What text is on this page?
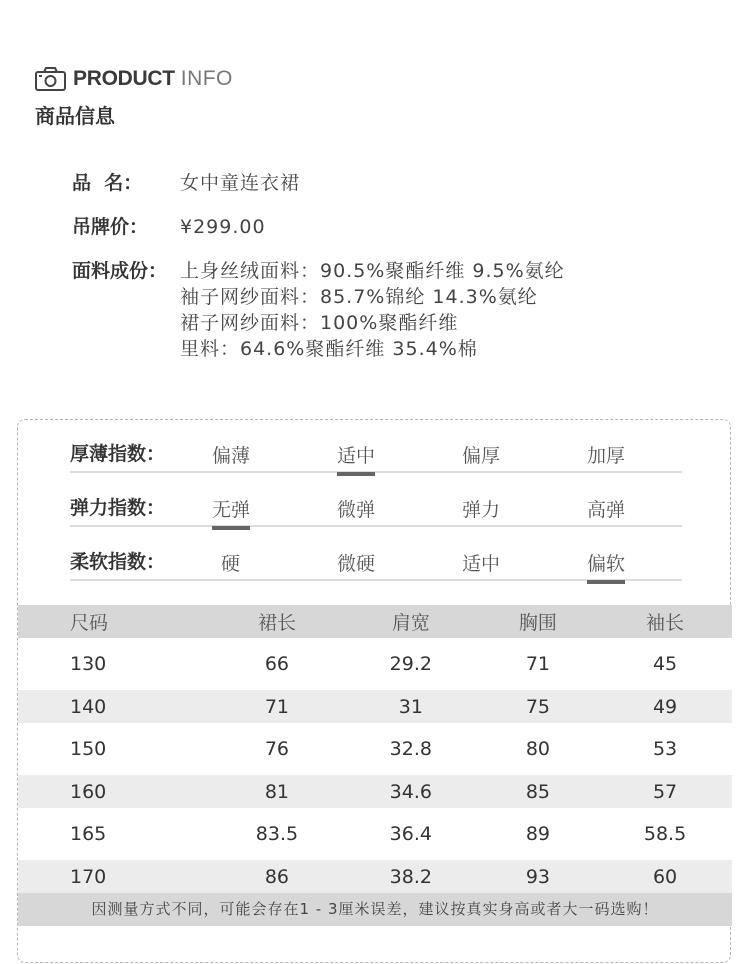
PRODUCT INFO
商品信息
品  名：	女中童连衣裙
吊牌价：	¥299.00
面料成份： 上身丝绒面料：90.5%聚酯纤维 9.5%氨纶
袖子网纱面料：85.7%锦纶 14.3%氨纶
裙子网纱面料：100%聚酯纤维
里料：64.6%聚酯纤维 35.4%棉
厚薄指数： 偏薄	适中	偏厚	加厚
弹力指数： 无弹	微弹	弹力	高弹
柔软指数：	硬	微硬	适中	偏软
尺码	裙长	肩宽	胸围	袖长
130	66	29.2	71	45
140	71	31	75	49
150	76	32.8	80	53
160	81	34.6	85	57
165	83.5	36.4	89	58.5
170	86	38.2	93	60
因测量方式不同，可能会存在1 - 3厘米误差，建议按真实身高或者大一码选购！
